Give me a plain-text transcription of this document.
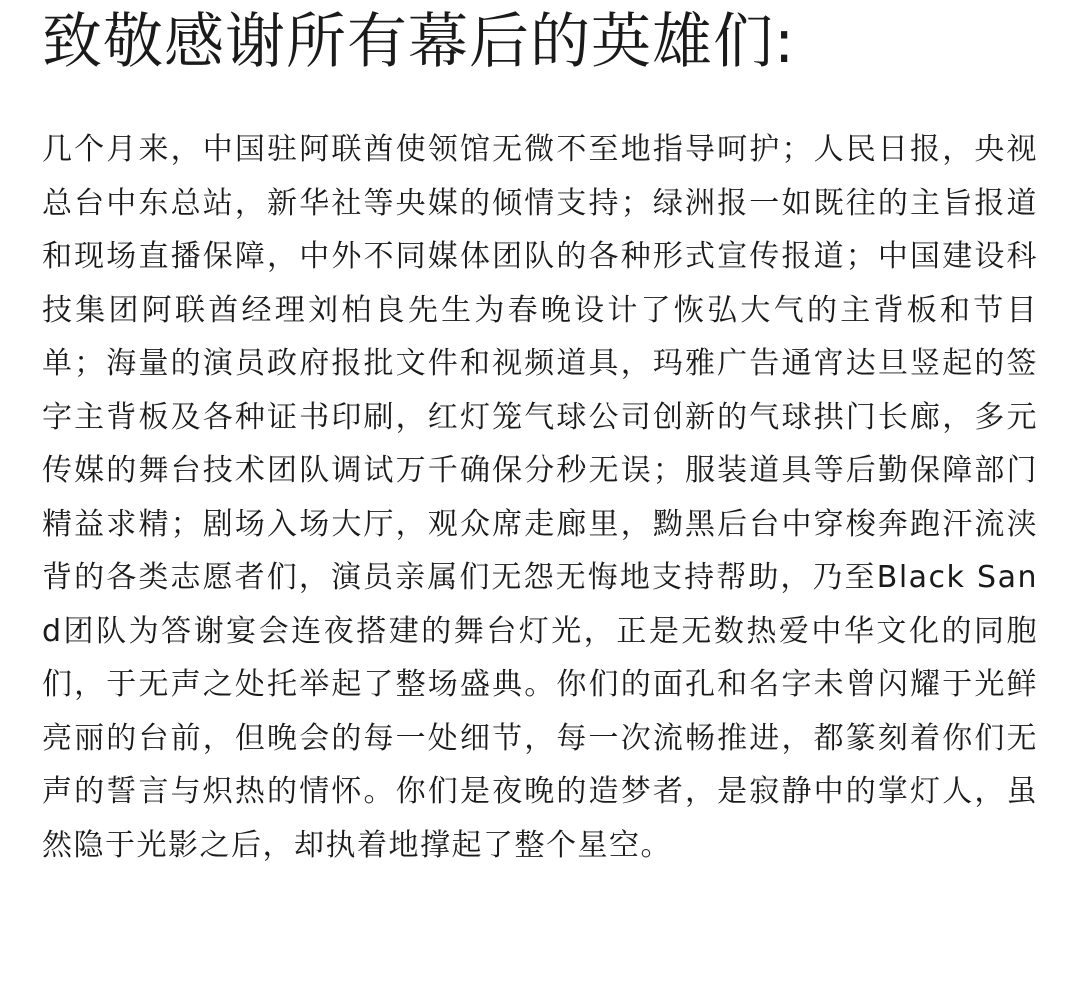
致敬感谢所有幕后的英雄们:

几个月来，中国驻阿联酋使领馆无微不至地指导呵护；人民日报，央视总台中东总站，新华社等央媒的倾情支持；绿洲报一如既往的主旨报道和现场直播保障，中外不同媒体团队的各种形式宣传报道；中国建设科技集团阿联酋经理刘柏良先生为春晚设计了恢弘大气的主背板和节目单；海量的演员政府报批文件和视频道具，玛雅广告通宵达旦竖起的签字主背板及各种证书印刷，红灯笼气球公司创新的气球拱门长廊，多元传媒的舞台技术团队调试万千确保分秒无误；服装道具等后勤保障部门精益求精；剧场入场大厅，观众席走廊里，黝黑后台中穿梭奔跑汗流浃背的各类志愿者们，演员亲属们无怨无悔地支持帮助，乃至Black Sand团队为答谢宴会连夜搭建的舞台灯光，正是无数热爱中华文化的同胞们，于无声之处托举起了整场盛典。你们的面孔和名字未曾闪耀于光鲜亮丽的台前，但晚会的每一处细节，每一次流畅推进，都篆刻着你们无声的誓言与炽热的情怀。你们是夜晚的造梦者，是寂静中的掌灯人，虽然隐于光影之后，却执着地撑起了整个星空。
